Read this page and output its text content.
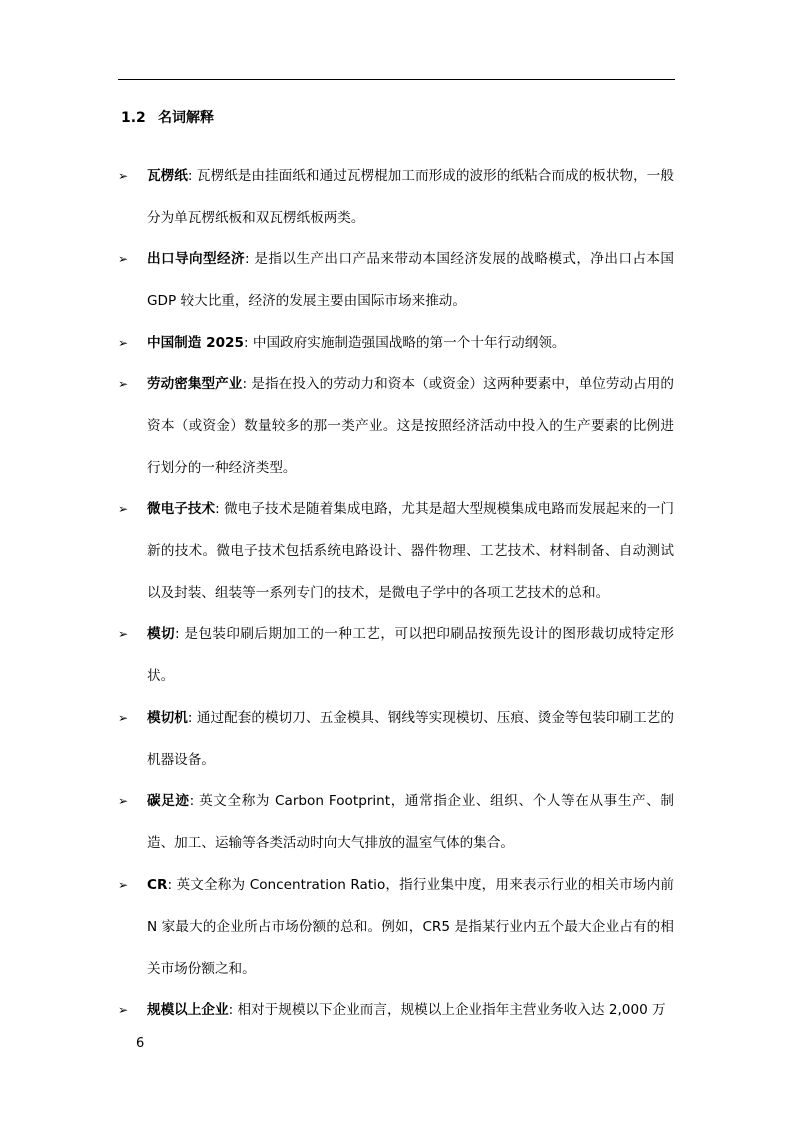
1.2 名词解释
➢ 瓦楞纸: 瓦楞纸是由挂面纸和通过瓦楞棍加工而形成的波形的纸粘合而成的板状物，一般分为单瓦楞纸板和双瓦楞纸板两类。
➢ 出口导向型经济: 是指以生产出口产品来带动本国经济发展的战略模式，净出口占本国GDP 较大比重，经济的发展主要由国际市场来推动。
➢ 中国制造 2025: 中国政府实施制造强国战略的第一个十年行动纲领。
➢ 劳动密集型产业: 是指在投入的劳动力和资本（或资金）这两种要素中，单位劳动占用的资本（或资金）数量较多的那一类产业。这是按照经济活动中投入的生产要素的比例进行划分的一种经济类型。
➢ 微电子技术: 微电子技术是随着集成电路，尤其是超大型规模集成电路而发展起来的一门新的技术。微电子技术包括系统电路设计、器件物理、工艺技术、材料制备、自动测试以及封装、组装等一系列专门的技术，是微电子学中的各项工艺技术的总和。
➢ 模切: 是包装印刷后期加工的一种工艺，可以把印刷品按预先设计的图形裁切成特定形状。
➢ 模切机: 通过配套的模切刀、五金模具、钢线等实现模切、压痕、烫金等包装印刷工艺的机器设备。
➢ 碳足迹: 英文全称为 Carbon Footprint，通常指企业、组织、个人等在从事生产、制造、加工、运输等各类活动时向大气排放的温室气体的集合。
➢ CR: 英文全称为 Concentration Ratio，指行业集中度，用来表示行业的相关市场内前 N 家最大的企业所占市场份额的总和。例如，CR5 是指某行业内五个最大企业占有的相关市场份额之和。
➢ 规模以上企业: 相对于规模以下企业而言，规模以上企业指年主营业务收入达 2,000 万
6
